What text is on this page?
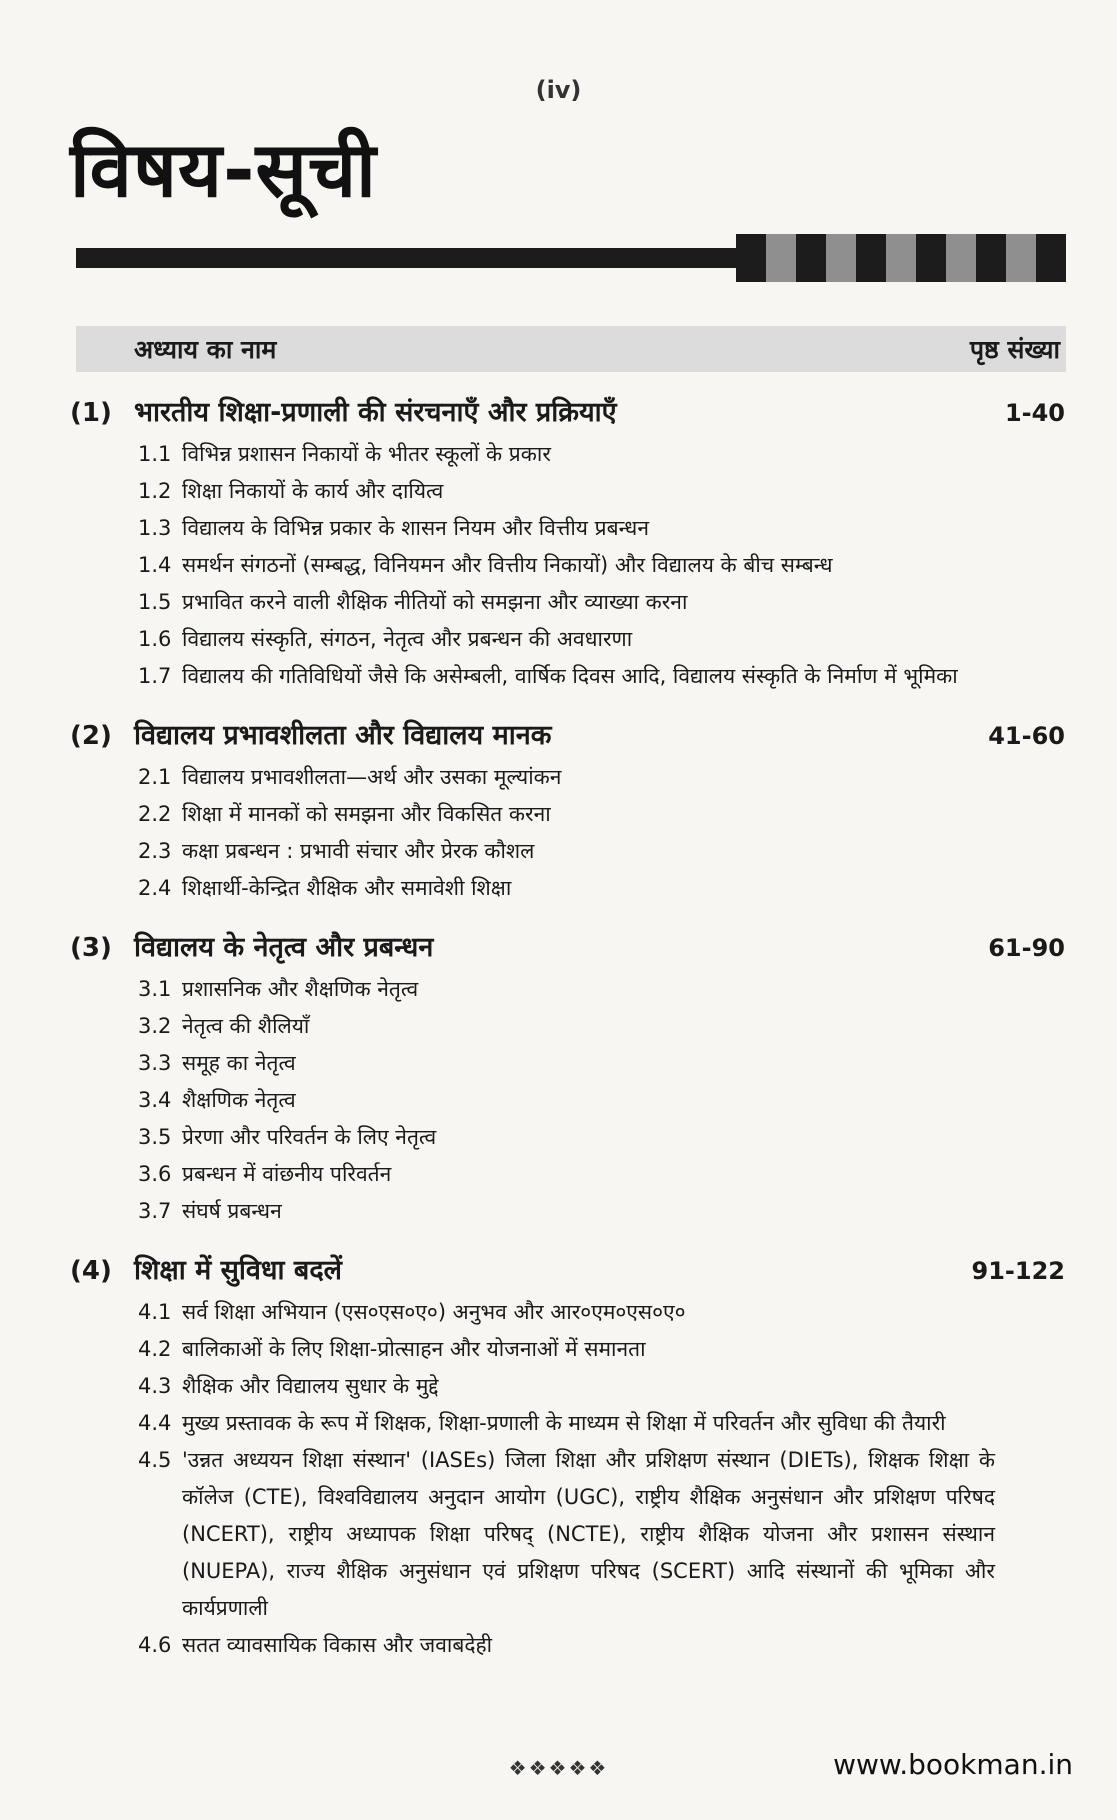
(iv)
विषय-सूची
अध्याय का नाम	पृष्ठ संख्या
(1) भारतीय शिक्षा-प्रणाली की संरचनाएँ और प्रक्रियाएँ	1-40
1.1 विभिन्न प्रशासन निकायों के भीतर स्कूलों के प्रकार
1.2 शिक्षा निकायों के कार्य और दायित्व
1.3 विद्यालय के विभिन्न प्रकार के शासन नियम और वित्तीय प्रबन्धन
1.4 समर्थन संगठनों (सम्बद्ध, विनियमन और वित्तीय निकायों) और विद्यालय के बीच सम्बन्ध
1.5 प्रभावित करने वाली शैक्षिक नीतियों को समझना और व्याख्या करना
1.6 विद्यालय संस्कृति, संगठन, नेतृत्व और प्रबन्धन की अवधारणा
1.7 विद्यालय की गतिविधियों जैसे कि असेम्बली, वार्षिक दिवस आदि, विद्यालय संस्कृति के निर्माण में भूमिका
(2) विद्यालय प्रभावशीलता और विद्यालय मानक	41-60
2.1 विद्यालय प्रभावशीलता—अर्थ और उसका मूल्यांकन
2.2 शिक्षा में मानकों को समझना और विकसित करना
2.3 कक्षा प्रबन्धन : प्रभावी संचार और प्रेरक कौशल
2.4 शिक्षार्थी-केन्द्रित शैक्षिक और समावेशी शिक्षा
(3) विद्यालय के नेतृत्व और प्रबन्धन	61-90
3.1 प्रशासनिक और शैक्षणिक नेतृत्व
3.2 नेतृत्व की शैलियाँ
3.3 समूह का नेतृत्व
3.4 शैक्षणिक नेतृत्व
3.5 प्रेरणा और परिवर्तन के लिए नेतृत्व
3.6 प्रबन्धन में वांछनीय परिवर्तन
3.7 संघर्ष प्रबन्धन
(4) शिक्षा में सुविधा बदलें	91-122
4.1 सर्व शिक्षा अभियान (एस०एस०ए०) अनुभव और आर०एम०एस०ए०
4.2 बालिकाओं के लिए शिक्षा-प्रोत्साहन और योजनाओं में समानता
4.3 शैक्षिक और विद्यालय सुधार के मुद्दे
4.4 मुख्य प्रस्तावक के रूप में शिक्षक, शिक्षा-प्रणाली के माध्यम से शिक्षा में परिवर्तन और सुविधा की तैयारी
4.5 'उन्नत अध्ययन शिक्षा संस्थान' (IASEs) जिला शिक्षा और प्रशिक्षण संस्थान (DIETs), शिक्षक शिक्षा के कॉलेज (CTE), विश्वविद्यालय अनुदान आयोग (UGC), राष्ट्रीय शैक्षिक अनुसंधान और प्रशिक्षण परिषद (NCERT), राष्ट्रीय अध्यापक शिक्षा परिषद् (NCTE), राष्ट्रीय शैक्षिक योजना और प्रशासन संस्थान (NUEPA), राज्य शैक्षिक अनुसंधान एवं प्रशिक्षण परिषद (SCERT) आदि संस्थानों की भूमिका और कार्यप्रणाली
4.6 सतत व्यावसायिक विकास और जवाबदेही
❖❖❖❖❖	www.bookman.in
